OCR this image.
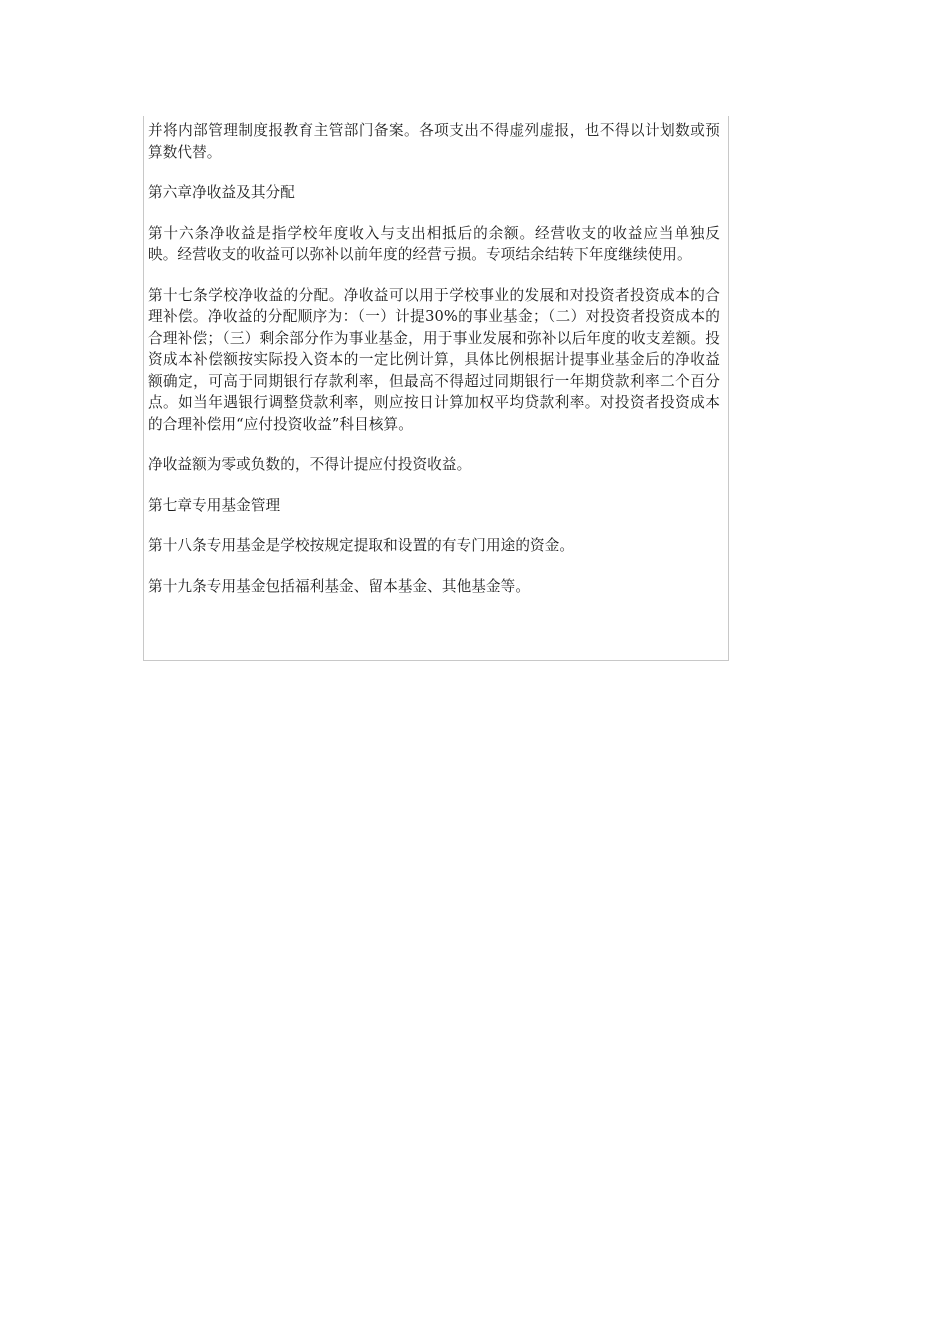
并将内部管理制度报教育主管部门备案。各项支出不得虚列虚报，也不得以计划数或预算数代替。

第六章净收益及其分配

第十六条净收益是指学校年度收入与支出相抵后的余额。经营收支的收益应当单独反映。经营收支的收益可以弥补以前年度的经营亏损。专项结余结转下年度继续使用。

第十七条学校净收益的分配。净收益可以用于学校事业的发展和对投资者投资成本的合理补偿。净收益的分配顺序为：（一）计提30%的事业基金；（二）对投资者投资成本的合理补偿；（三）剩余部分作为事业基金，用于事业发展和弥补以后年度的收支差额。投资成本补偿额按实际投入资本的一定比例计算，具体比例根据计提事业基金后的净收益额确定，可高于同期银行存款利率，但最高不得超过同期银行一年期贷款利率二个百分点。如当年遇银行调整贷款利率，则应按日计算加权平均贷款利率。对投资者投资成本的合理补偿用“应付投资收益”科目核算。

净收益额为零或负数的，不得计提应付投资收益。

第七章专用基金管理

第十八条专用基金是学校按规定提取和设置的有专门用途的资金。

第十九条专用基金包括福利基金、留本基金、其他基金等。
